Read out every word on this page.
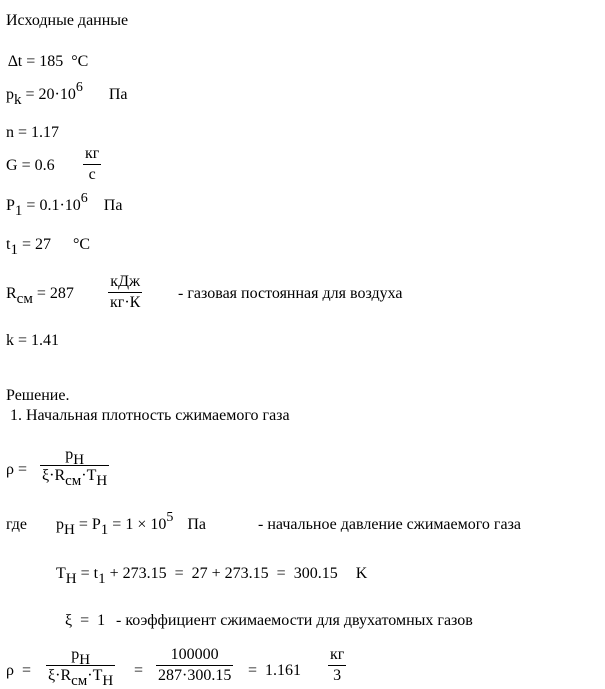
Исходные данные
∆t = 185 °C
pk = 20·106 Па
n = 1.17
G = 0.6
кг
с
P1 = 0.1·106 Па
t1 = 27 °C
Rсм = 287
кДж
кг·К
- газовая постоянная для воздуха
k = 1.41
Решение.
1. Начальная плотность сжимаемого газа
ρ =
pН
ξ·Rсм·TН
где pН = P1 = 1 × 105 Па	- начальное давление сжимаемого газа
TН = t1 + 273.15  =  27 + 273.15  =  300.15 K
ξ  =  1 - коэффициент сжимаемости для двухатомных газов
ρ  =
pН
ξ·Rсм·TН
= $\frac{100000}{287\cdot 300.15} = 1.161$
кг
3
